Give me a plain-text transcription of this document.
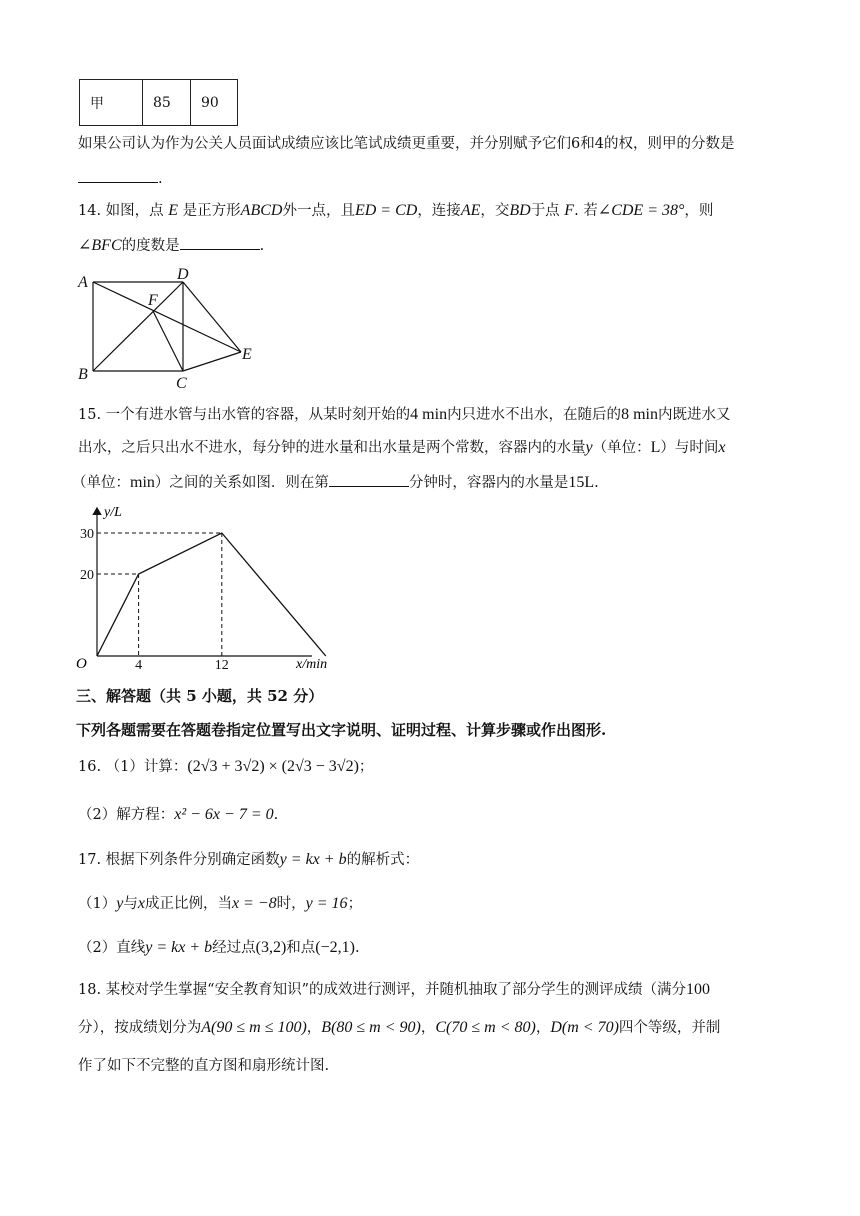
甲	85	90
如果公司认为作为公关人员面试成绩应该比笔试成绩更重要，并分别赋予它们6和4的权，则甲的分数是
.
14. 如图，点 E 是正方形ABCD外一点，且ED = CD，连接AE，交BD于点 F. 若∠CDE = 38°，则
∠BFC的度数是	.
A
B
C
D
E
F
15. 一个有进水管与出水管的容器，从某时刻开始的4 min内只进水不出水，在随后的8 min内既进水又
出水，之后只出水不进水，每分钟的进水量和出水量是两个常数，容器内的水量y（单位：L）与时间x
（单位：min）之间的关系如图．则在第	分钟时，容器内的水量是15L.
4	12
20
30
O	x/min
y/L
三、解答题（共 5 小题，共 52 分）
下列各题需要在答题卷指定位置写出文字说明、证明过程、计算步骤或作出图形.
16. （1）计算：(2√3 + 3√2) × (2√3 − 3√2)；
（2）解方程：x² − 6x − 7 = 0.
17. 根据下列条件分别确定函数y = kx + b的解析式：
（1）y与x成正比例，当x = −8时，y = 16；
（2）直线y = kx + b经过点(3,2)和点(−2,1).
18. 某校对学生掌握“安全教育知识”的成效进行测评，并随机抽取了部分学生的测评成绩（满分100
分），按成绩划分为A(90 ≤ m ≤ 100)，B(80 ≤ m < 90)，C(70 ≤ m < 80)，D(m < 70)四个等级，并制
作了如下不完整的直方图和扇形统计图.
